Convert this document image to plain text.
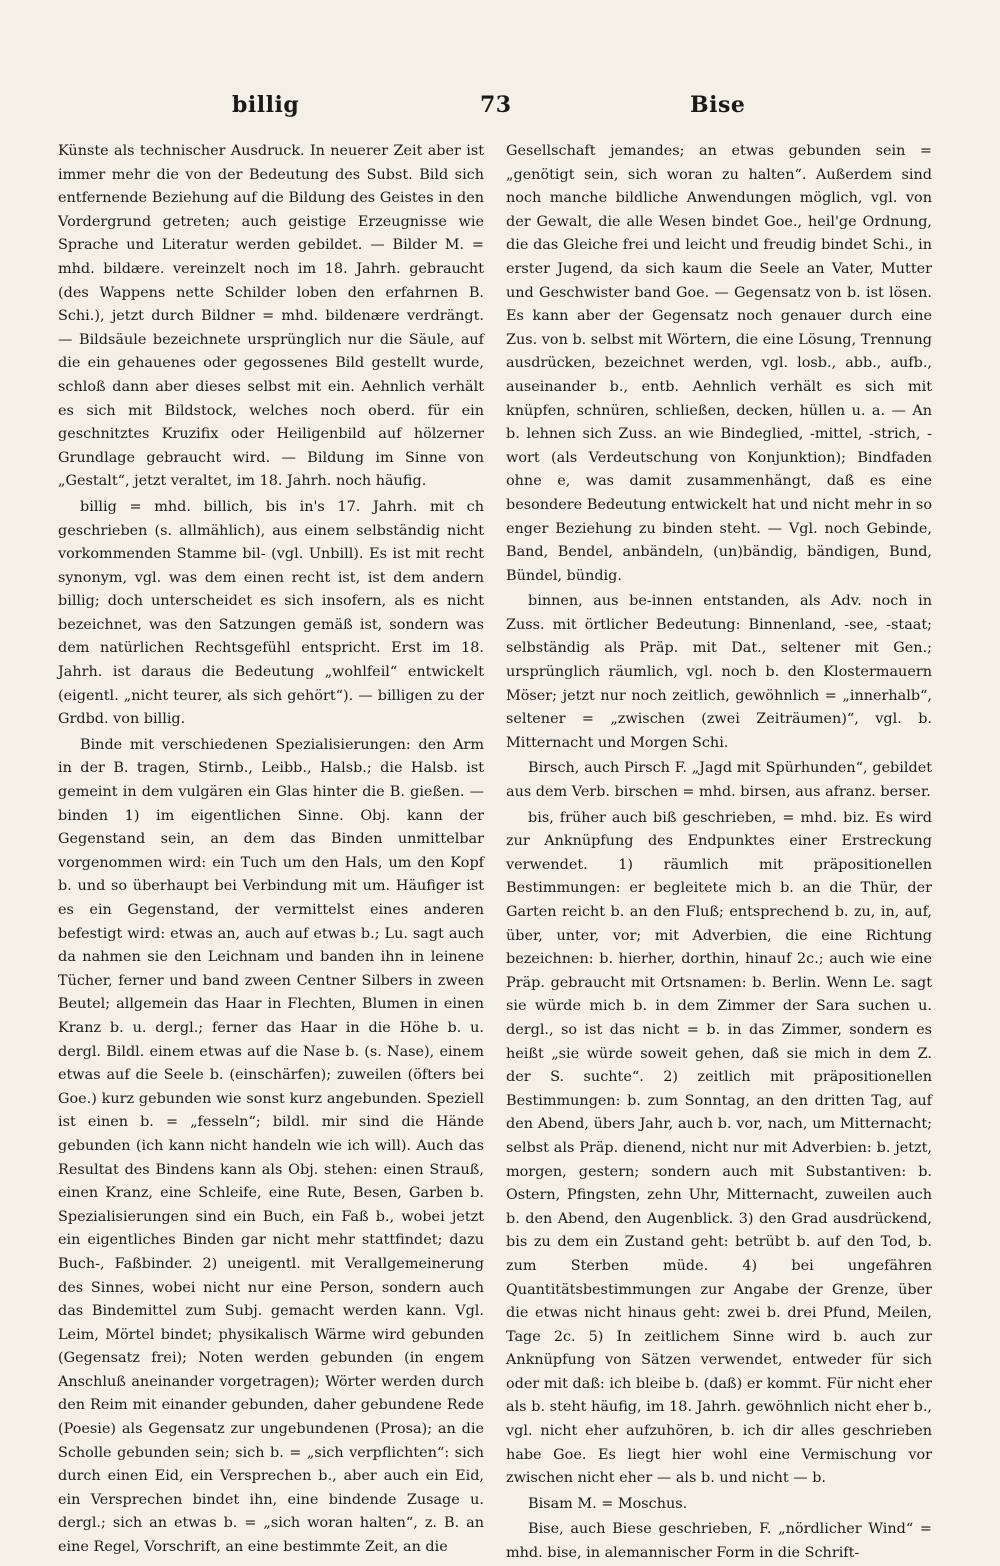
billig	73	Bise

Künste als technischer Ausdruck. In neuerer Zeit aber ist immer mehr die von der Bedeutung des Subst. Bild sich entfernende Beziehung auf die Bildung des Geistes in den Vordergrund getreten; auch geistige Erzeugnisse wie Sprache und Literatur werden gebildet. — Bilder M. = mhd. bildære. vereinzelt noch im 18. Jahrh. gebraucht (des Wappens nette Schilder loben den erfahrnen B. Schi.), jetzt durch Bildner = mhd. bildenære verdrängt. — Bildsäule bezeichnete ursprünglich nur die Säule, auf die ein gehauenes oder gegossenes Bild gestellt wurde, schloß dann aber dieses selbst mit ein. Aehnlich verhält es sich mit Bildstock, welches noch oberd. für ein geschnitztes Kruzifix oder Heiligenbild auf hölzerner Grundlage gebraucht wird. — Bildung im Sinne von „Gestalt“, jetzt veraltet, im 18. Jahrh. noch häufig.

billig = mhd. billich, bis in's 17. Jahrh. mit ch geschrieben (s. allmählich), aus einem selbständig nicht vorkommenden Stamme bil- (vgl. Unbill). Es ist mit recht synonym, vgl. was dem einen recht ist, ist dem andern billig; doch unterscheidet es sich insofern, als es nicht bezeichnet, was den Satzungen gemäß ist, sondern was dem natürlichen Rechtsgefühl entspricht. Erst im 18. Jahrh. ist daraus die Bedeutung „wohlfeil“ entwickelt (eigentl. „nicht teurer, als sich gehört“). — billigen zu der Grdbd. von billig.

Binde mit verschiedenen Spezialisierungen: den Arm in der B. tragen, Stirnb., Leibb., Halsb.; die Halsb. ist gemeint in dem vulgären ein Glas hinter die B. gießen. — binden 1) im eigentlichen Sinne. Obj. kann der Gegenstand sein, an dem das Binden unmittelbar vorgenommen wird: ein Tuch um den Hals, um den Kopf b. und so überhaupt bei Verbindung mit um. Häufiger ist es ein Gegenstand, der vermittelst eines anderen befestigt wird: etwas an, auch auf etwas b.; Lu. sagt auch da nahmen sie den Leichnam und banden ihn in leinene Tücher, ferner und band zween Centner Silbers in zween Beutel; allgemein das Haar in Flechten, Blumen in einen Kranz b. u. dergl.; ferner das Haar in die Höhe b. u. dergl. Bildl. einem etwas auf die Nase b. (s. Nase), einem etwas auf die Seele b. (einschärfen); zuweilen (öfters bei Goe.) kurz gebunden wie sonst kurz angebunden. Speziell ist einen b. = „fesseln“; bildl. mir sind die Hände gebunden (ich kann nicht handeln wie ich will). Auch das Resultat des Bindens kann als Obj. stehen: einen Strauß, einen Kranz, eine Schleife, eine Rute, Besen, Garben b. Spezialisierungen sind ein Buch, ein Faß b., wobei jetzt ein eigentliches Binden gar nicht mehr stattfindet; dazu Buch-, Faßbinder. 2) uneigentl. mit Verallgemeinerung des Sinnes, wobei nicht nur eine Person, sondern auch das Bindemittel zum Subj. gemacht werden kann. Vgl. Leim, Mörtel bindet; physikalisch Wärme wird gebunden (Gegensatz frei); Noten werden gebunden (in engem Anschluß aneinander vorgetragen); Wörter werden durch den Reim mit einander gebunden, daher gebundene Rede (Poesie) als Gegensatz zur ungebundenen (Prosa); an die Scholle gebunden sein; sich b. = „sich verpflichten“: sich durch einen Eid, ein Versprechen b., aber auch ein Eid, ein Versprechen bindet ihn, eine bindende Zusage u. dergl.; sich an etwas b. = „sich woran halten“, z. B. an eine Regel, Vorschrift, an eine bestimmte Zeit, an die

Gesellschaft jemandes; an etwas gebunden sein = „genötigt sein, sich woran zu halten“. Außerdem sind noch manche bildliche Anwendungen möglich, vgl. von der Gewalt, die alle Wesen bindet Goe., heil'ge Ordnung, die das Gleiche frei und leicht und freudig bindet Schi., in erster Jugend, da sich kaum die Seele an Vater, Mutter und Geschwister band Goe. — Gegensatz von b. ist lösen. Es kann aber der Gegensatz noch genauer durch eine Zus. von b. selbst mit Wörtern, die eine Lösung, Trennung ausdrücken, bezeichnet werden, vgl. losb., abb., aufb., auseinander b., entb. Aehnlich verhält es sich mit knüpfen, schnüren, schließen, decken, hüllen u. a. — An b. lehnen sich Zuss. an wie Bindeglied, -mittel, -strich, -wort (als Verdeutschung von Konjunktion); Bindfaden ohne e, was damit zusammenhängt, daß es eine besondere Bedeutung entwickelt hat und nicht mehr in so enger Beziehung zu binden steht. — Vgl. noch Gebinde, Band, Bendel, anbändeln, (un)bändig, bändigen, Bund, Bündel, bündig.

binnen, aus be-innen entstanden, als Adv. noch in Zuss. mit örtlicher Bedeutung: Binnenland, -see, -staat; selbständig als Präp. mit Dat., seltener mit Gen.; ursprünglich räumlich, vgl. noch b. den Klostermauern Möser; jetzt nur noch zeitlich, gewöhnlich = „innerhalb“, seltener = „zwischen (zwei Zeiträumen)“, vgl. b. Mitternacht und Morgen Schi.

Birsch, auch Pirsch F. „Jagd mit Spürhunden“, gebildet aus dem Verb. birschen = mhd. birsen, aus afranz. berser.

bis, früher auch biß geschrieben, = mhd. biz. Es wird zur Anknüpfung des Endpunktes einer Erstreckung verwendet. 1) räumlich mit präpositionellen Bestimmungen: er begleitete mich b. an die Thür, der Garten reicht b. an den Fluß; entsprechend b. zu, in, auf, über, unter, vor; mit Adverbien, die eine Richtung bezeichnen: b. hierher, dorthin, hinauf 2c.; auch wie eine Präp. gebraucht mit Ortsnamen: b. Berlin. Wenn Le. sagt sie würde mich b. in dem Zimmer der Sara suchen u. dergl., so ist das nicht = b. in das Zimmer, sondern es heißt „sie würde soweit gehen, daß sie mich in dem Z. der S. suchte“. 2) zeitlich mit präpositionellen Bestimmungen: b. zum Sonntag, an den dritten Tag, auf den Abend, übers Jahr, auch b. vor, nach, um Mitternacht; selbst als Präp. dienend, nicht nur mit Adverbien: b. jetzt, morgen, gestern; sondern auch mit Substantiven: b. Ostern, Pfingsten, zehn Uhr, Mitternacht, zuweilen auch b. den Abend, den Augenblick. 3) den Grad ausdrückend, bis zu dem ein Zustand geht: betrübt b. auf den Tod, b. zum Sterben müde. 4) bei ungefähren Quantitätsbestimmungen zur Angabe der Grenze, über die etwas nicht hinaus geht: zwei b. drei Pfund, Meilen, Tage 2c. 5) In zeitlichem Sinne wird b. auch zur Anknüpfung von Sätzen verwendet, entweder für sich oder mit daß: ich bleibe b. (daß) er kommt. Für nicht eher als b. steht häufig, im 18. Jahrh. gewöhnlich nicht eher b., vgl. nicht eher aufzuhören, b. ich dir alles geschrieben habe Goe. Es liegt hier wohl eine Vermischung vor zwischen nicht eher — als b. und nicht — b.

Bisam M. = Moschus.

Bise, auch Biese geschrieben, F. „nördlicher Wind“ = mhd. bise, in alemannischer Form in die Schrift-
